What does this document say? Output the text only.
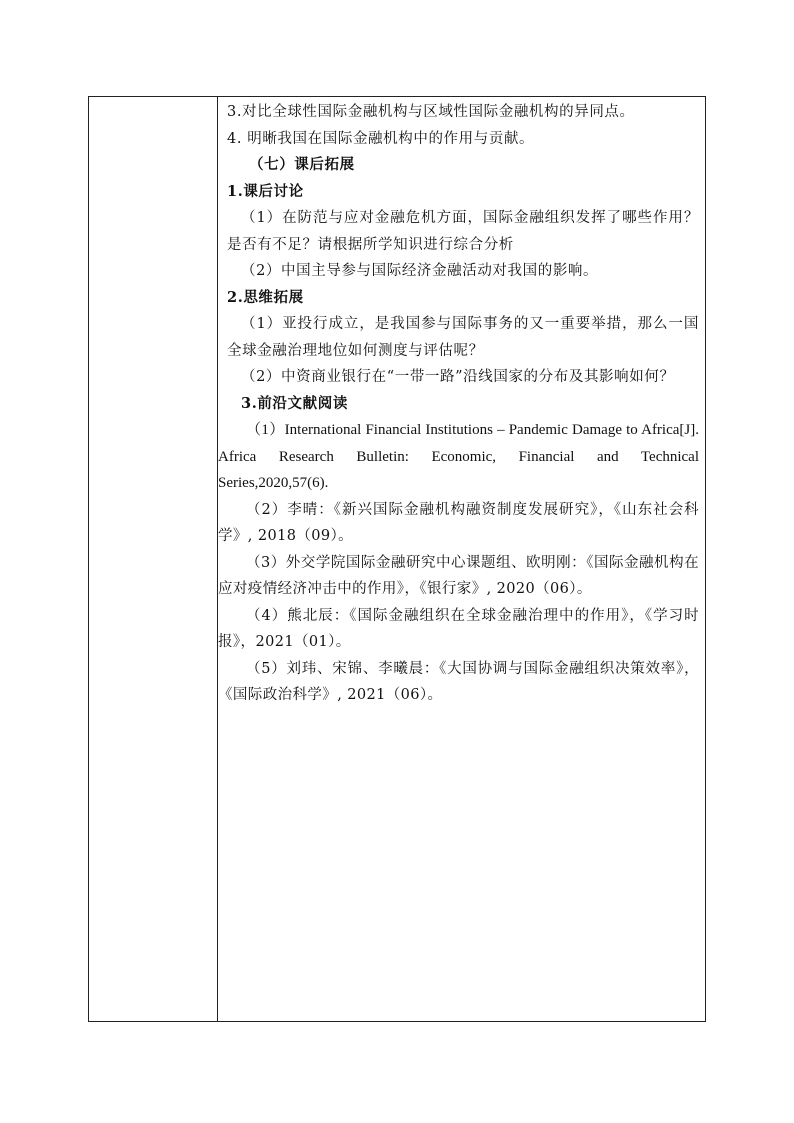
3.对比全球性国际金融机构与区域性国际金融机构的异同点。
4. 明晰我国在国际金融机构中的作用与贡献。
（七）课后拓展
1.课后讨论
（1）在防范与应对金融危机方面，国际金融组织发挥了哪些作用？是否有不足？请根据所学知识进行综合分析
（2）中国主导参与国际经济金融活动对我国的影响。
2.思维拓展
（1）亚投行成立，是我国参与国际事务的又一重要举措，那么一国全球金融治理地位如何测度与评估呢？
（2）中资商业银行在“一带一路”沿线国家的分布及其影响如何？
3.前沿文献阅读
（1）International Financial Institutions – Pandemic Damage to Africa[J]. Africa Research Bulletin: Economic, Financial and Technical Series,2020,57(6).
（2）李晴：《新兴国际金融机构融资制度发展研究》，《山东社会科学》, 2018（09）。
（3）外交学院国际金融研究中心课题组、欧明刚：《国际金融机构在应对疫情经济冲击中的作用》，《银行家》, 2020（06）。
（4）熊北辰：《国际金融组织在全球金融治理中的作用》，《学习时报》，2021（01）。
（5）刘玮、宋锦、李曦晨：《大国协调与国际金融组织决策效率》，《国际政治科学》, 2021（06）。
